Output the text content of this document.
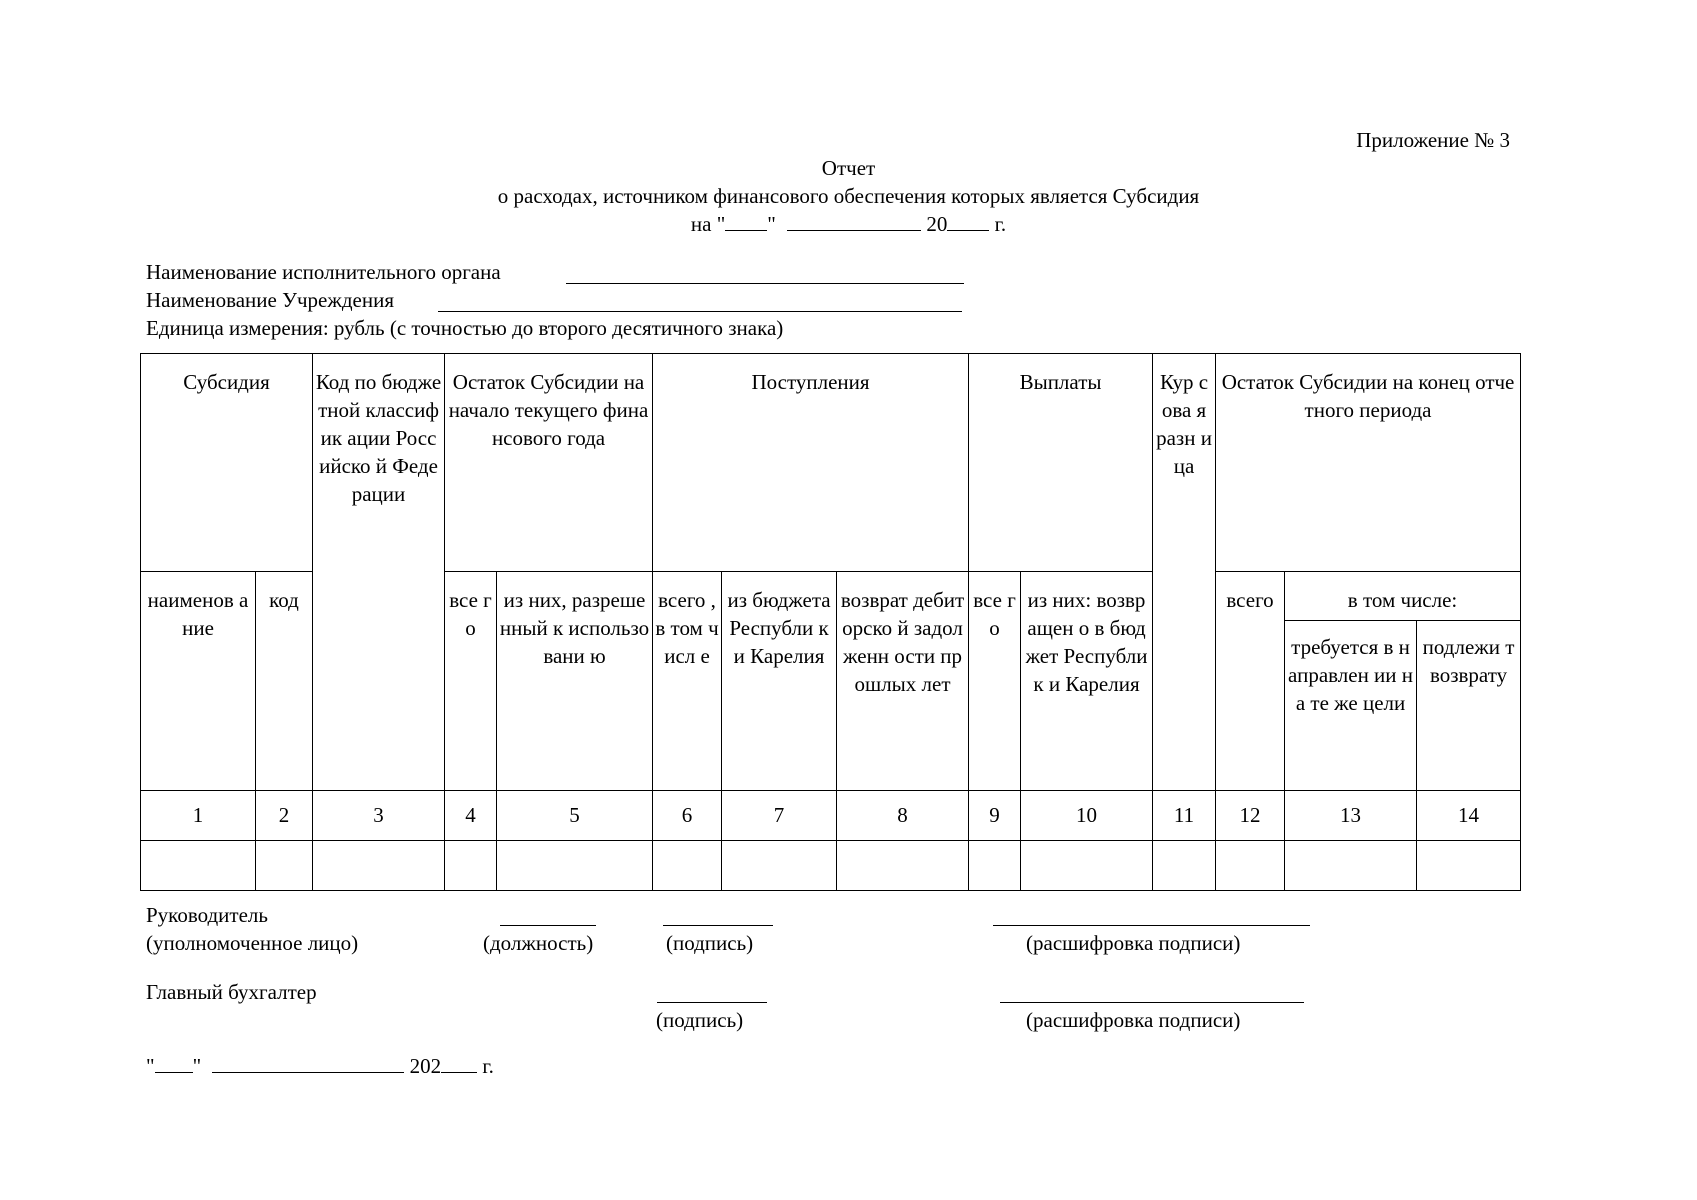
Приложение № 3
Отчет
о расходах, источником финансового обеспечения которых является Субсидия
на " "	20 г.
Наименование исполнительного органа
Наименование Учреждения
Единица измерения: рубль (с точностью до второго десятичного знака)
Субсидия		Код по бюджетной классифик ации Российско й Федерации	Остаток Субсидии на начало текущего финансового года		Поступления			Выплаты		Кур сова я разн ица	Остаток Субсидии на конец отчетного периода		
наименов ание	код		все го	из них, разрешенный к использовани ю	всего , в том числ е	из бюджета Республи ки Карелия	возврат дебиторско й задолженн ости прошлых лет	все го	из них: возвращен о в бюджет Республик и Карелия		всего	в том числе:	
												требуется в направлен ии на те же цели	подлежи т возврату
1	2	3	4	5	6	7	8	9	10	11	12	13	14

Руководитель
(уполномоченное лицо)	(должность)	(подпись)	(расшифровка подписи)
Главный бухгалтер
(подпись)	(расшифровка подписи)
" "	202 г.
